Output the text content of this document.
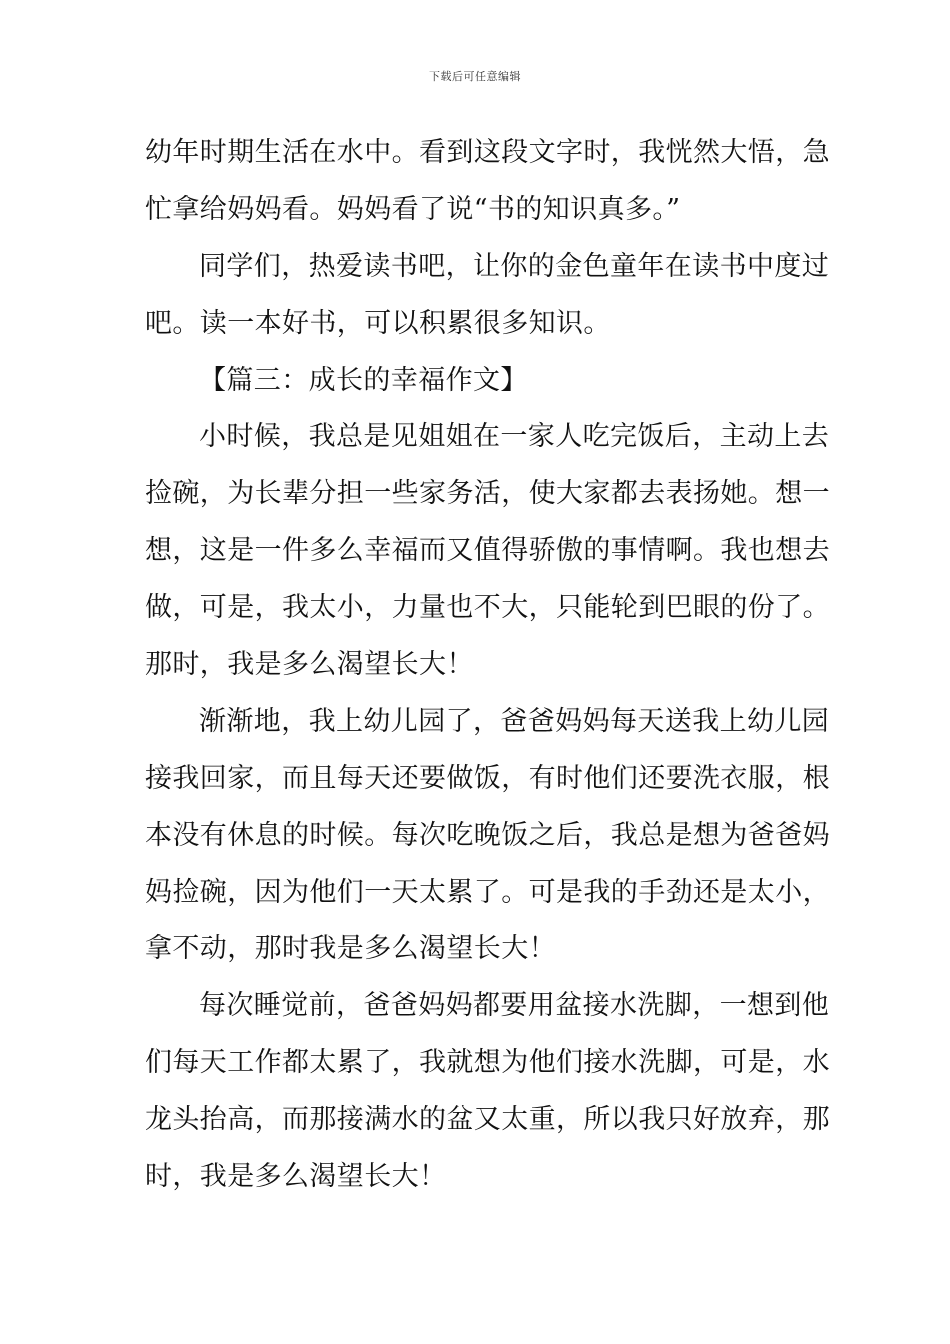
下载后可任意编辑
幼年时期生活在水中。看到这段文字时，我恍然大悟，急
忙拿给妈妈看。妈妈看了说“书的知识真多。”
同学们，热爱读书吧，让你的金色童年在读书中度过
吧。读一本好书，可以积累很多知识。
【篇三：成长的幸福作文】
小时候，我总是见姐姐在一家人吃完饭后，主动上去
捡碗，为长辈分担一些家务活，使大家都去表扬她。想一
想，这是一件多么幸福而又值得骄傲的事情啊。我也想去
做，可是，我太小，力量也不大，只能轮到巴眼的份了。
那时，我是多么渴望长大！
渐渐地，我上幼儿园了，爸爸妈妈每天送我上幼儿园
接我回家，而且每天还要做饭，有时他们还要洗衣服，根
本没有休息的时候。每次吃晚饭之后，我总是想为爸爸妈
妈捡碗，因为他们一天太累了。可是我的手劲还是太小，
拿不动，那时我是多么渴望长大！
每次睡觉前，爸爸妈妈都要用盆接水洗脚，一想到他
们每天工作都太累了，我就想为他们接水洗脚，可是，水
龙头抬高，而那接满水的盆又太重，所以我只好放弃，那
时，我是多么渴望长大！
